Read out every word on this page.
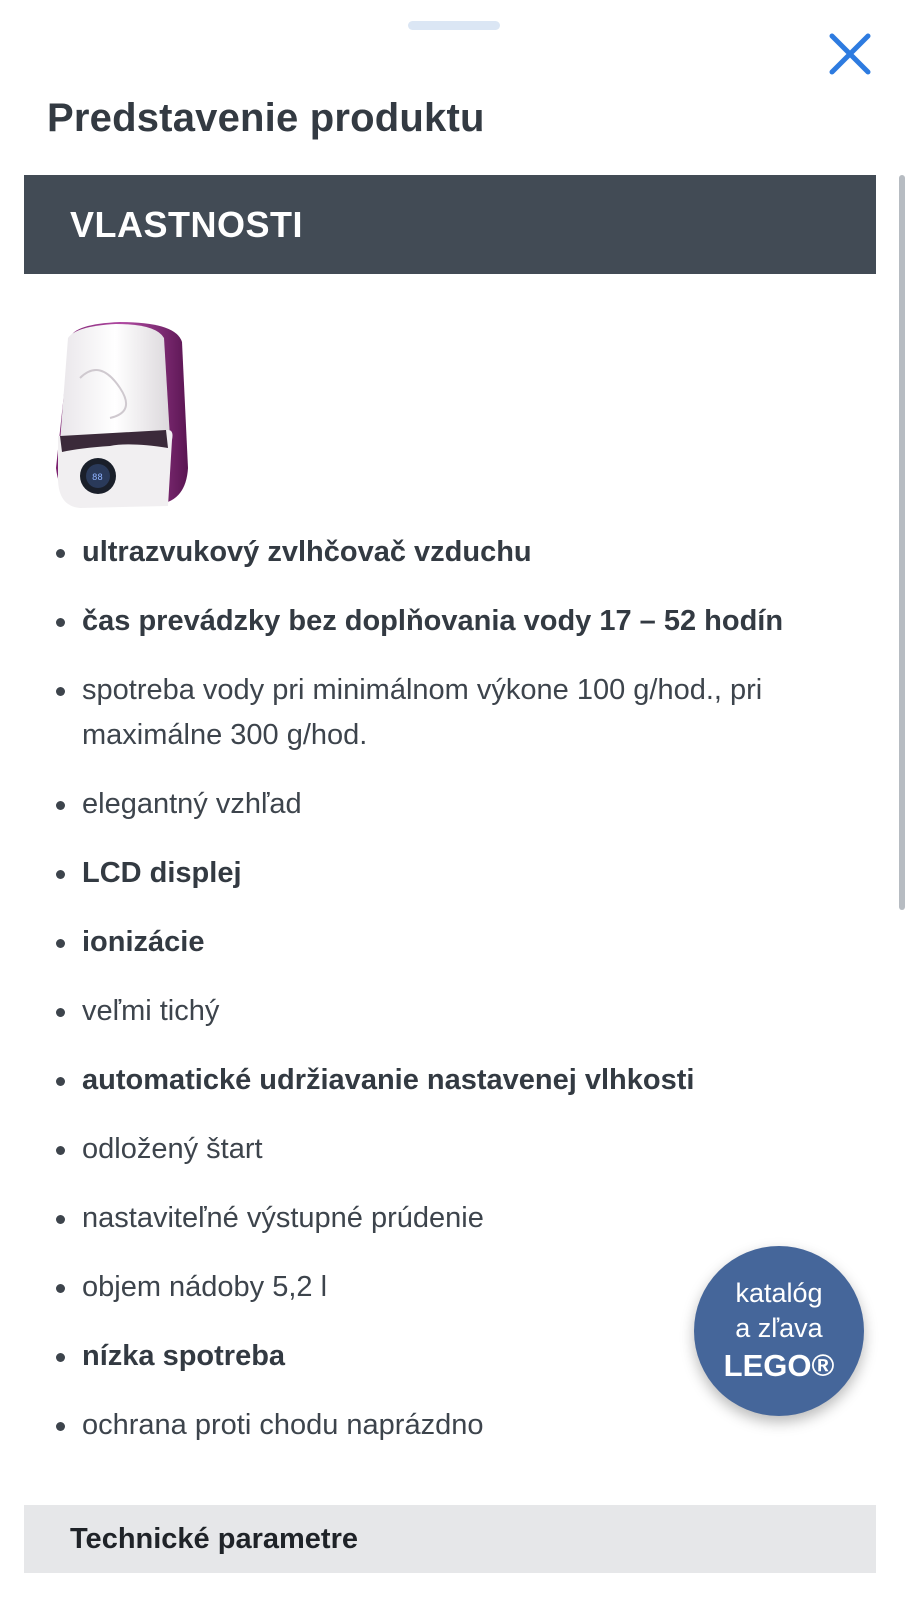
Predstavenie produktu
VLASTNOSTI
88
ultrazvukový zvlhčovač vzduchu
čas prevádzky bez doplňovania vody 17 – 52 hodín
spotreba vody pri minimálnom výkone 100 g/hod., pri maximálne 300 g/hod.
elegantný vzhľad
LCD displej
ionizácie
veľmi tichý
automatické udržiavanie nastavenej vlhkosti
odložený štart
nastaviteľné výstupné prúdenie
objem nádoby 5,2 l
nízka spotreba
ochrana proti chodu naprázdno
katalóg
a zľava
LEGO®
Technické parametre
